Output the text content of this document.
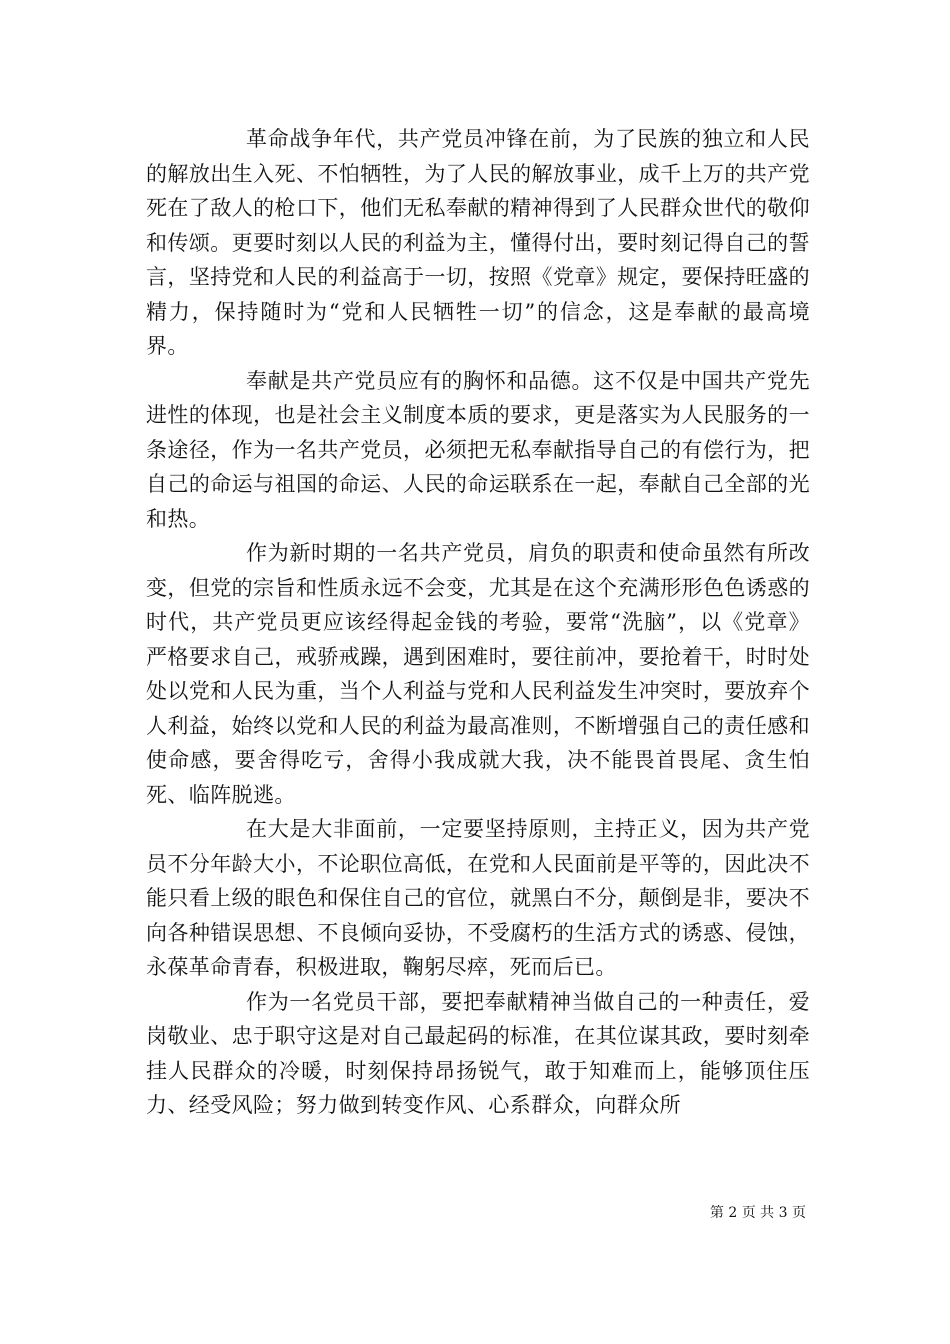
革命战争年代，共产党员冲锋在前，为了民族的独立和人民的解放出生入死、不怕牺牲，为了人民的解放事业，成千上万的共产党死在了敌人的枪口下，他们无私奉献的精神得到了人民群众世代的敬仰和传颂。更要时刻以人民的利益为主，懂得付出，要时刻记得自己的誓言，坚持党和人民的利益高于一切，按照《党章》规定，要保持旺盛的精力，保持随时为“党和人民牺牲一切”的信念，这是奉献的最高境界。

奉献是共产党员应有的胸怀和品德。这不仅是中国共产党先进性的体现，也是社会主义制度本质的要求，更是落实为人民服务的一条途径，作为一名共产党员，必须把无私奉献指导自己的有偿行为，把自己的命运与祖国的命运、人民的命运联系在一起，奉献自己全部的光和热。

作为新时期的一名共产党员，肩负的职责和使命虽然有所改变，但党的宗旨和性质永远不会变，尤其是在这个充满形形色色诱惑的时代，共产党员更应该经得起金钱的考验，要常“洗脑”，以《党章》严格要求自己，戒骄戒躁，遇到困难时，要往前冲，要抢着干，时时处处以党和人民为重，当个人利益与党和人民利益发生冲突时，要放弃个人利益，始终以党和人民的利益为最高准则，不断增强自己的责任感和使命感，要舍得吃亏，舍得小我成就大我，决不能畏首畏尾、贪生怕死、临阵脱逃。

在大是大非面前，一定要坚持原则，主持正义，因为共产党员不分年龄大小，不论职位高低，在党和人民面前是平等的，因此决不能只看上级的眼色和保住自己的官位，就黑白不分，颠倒是非，要决不向各种错误思想、不良倾向妥协，不受腐朽的生活方式的诱惑、侵蚀，永葆革命青春，积极进取，鞠躬尽瘁，死而后已。

作为一名党员干部，要把奉献精神当做自己的一种责任，爱岗敬业、忠于职守这是对自己最起码的标准，在其位谋其政，要时刻牵挂人民群众的冷暖，时刻保持昂扬锐气，敢于知难而上，能够顶住压力、经受风险；努力做到转变作风、心系群众，向群众所

第 2 页 共 3 页
